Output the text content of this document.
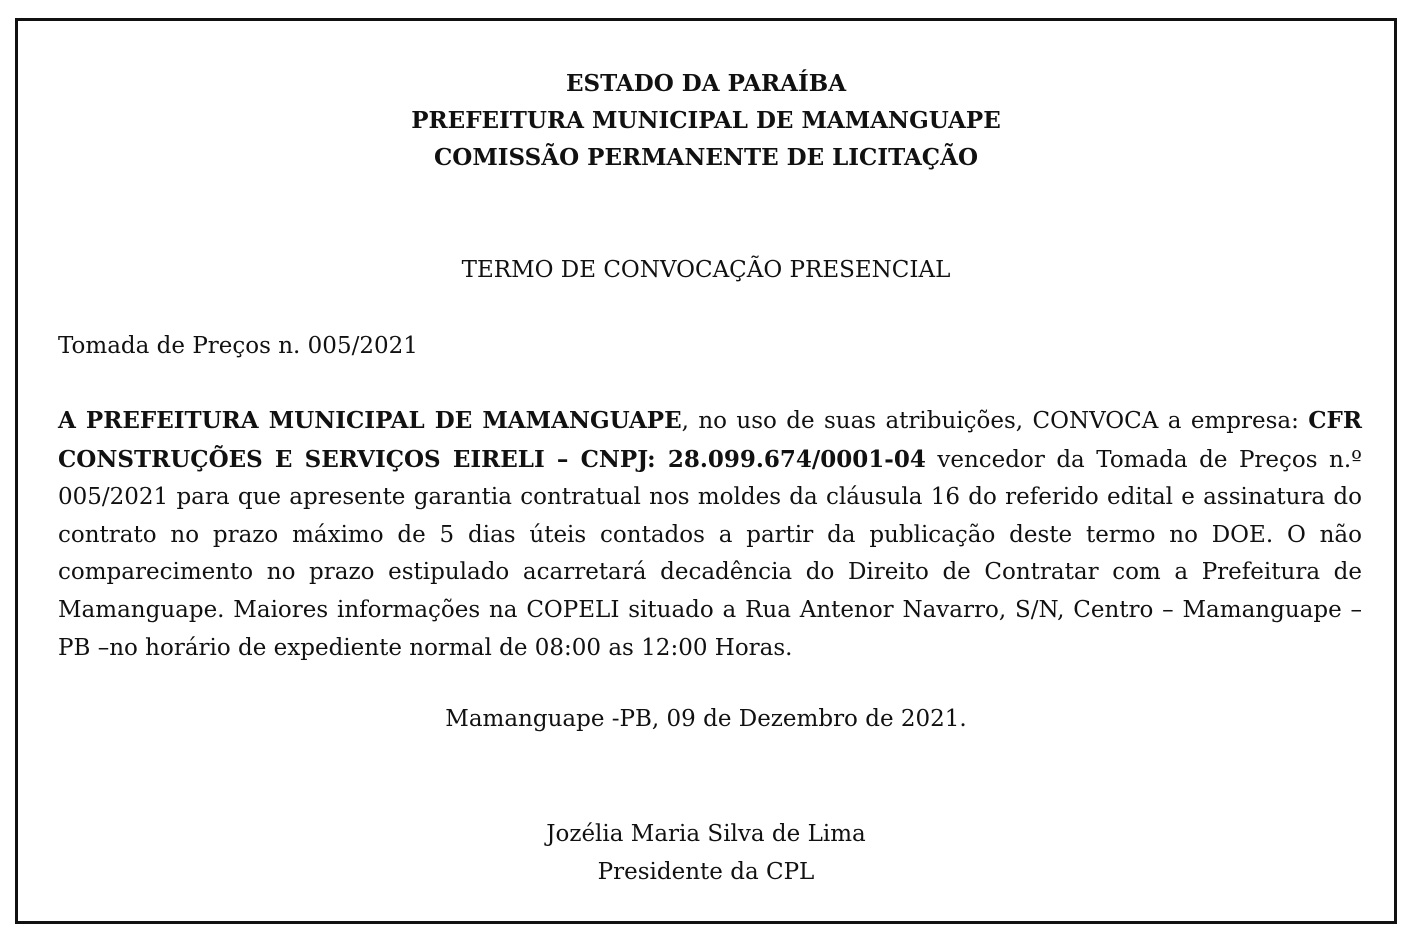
ESTADO DA PARAÍBA
PREFEITURA MUNICIPAL DE MAMANGUAPE
COMISSÃO PERMANENTE DE LICITAÇÃO
TERMO DE CONVOCAÇÃO PRESENCIAL
Tomada de Preços n. 005/2021
A PREFEITURA MUNICIPAL DE MAMANGUAPE, no uso de suas atribuições, CONVOCA a empresa: CFR CONSTRUÇÕES E SERVIÇOS EIRELI – CNPJ: 28.099.674/0001-04 vencedor da Tomada de Preços n.º 005/2021 para que apresente garantia contratual nos moldes da cláusula 16 do referido edital e assinatura do contrato no prazo máximo de 5 dias úteis contados a partir da publicação deste termo no DOE. O não comparecimento no prazo estipulado acarretará decadência do Direito de Contratar com a Prefeitura de Mamanguape. Maiores informações na COPELI situado a Rua Antenor Navarro, S/N, Centro – Mamanguape – PB –no horário de expediente normal de 08:00 as 12:00 Horas.
Mamanguape -PB, 09 de Dezembro de 2021.
Jozélia Maria Silva de Lima
Presidente da CPL
